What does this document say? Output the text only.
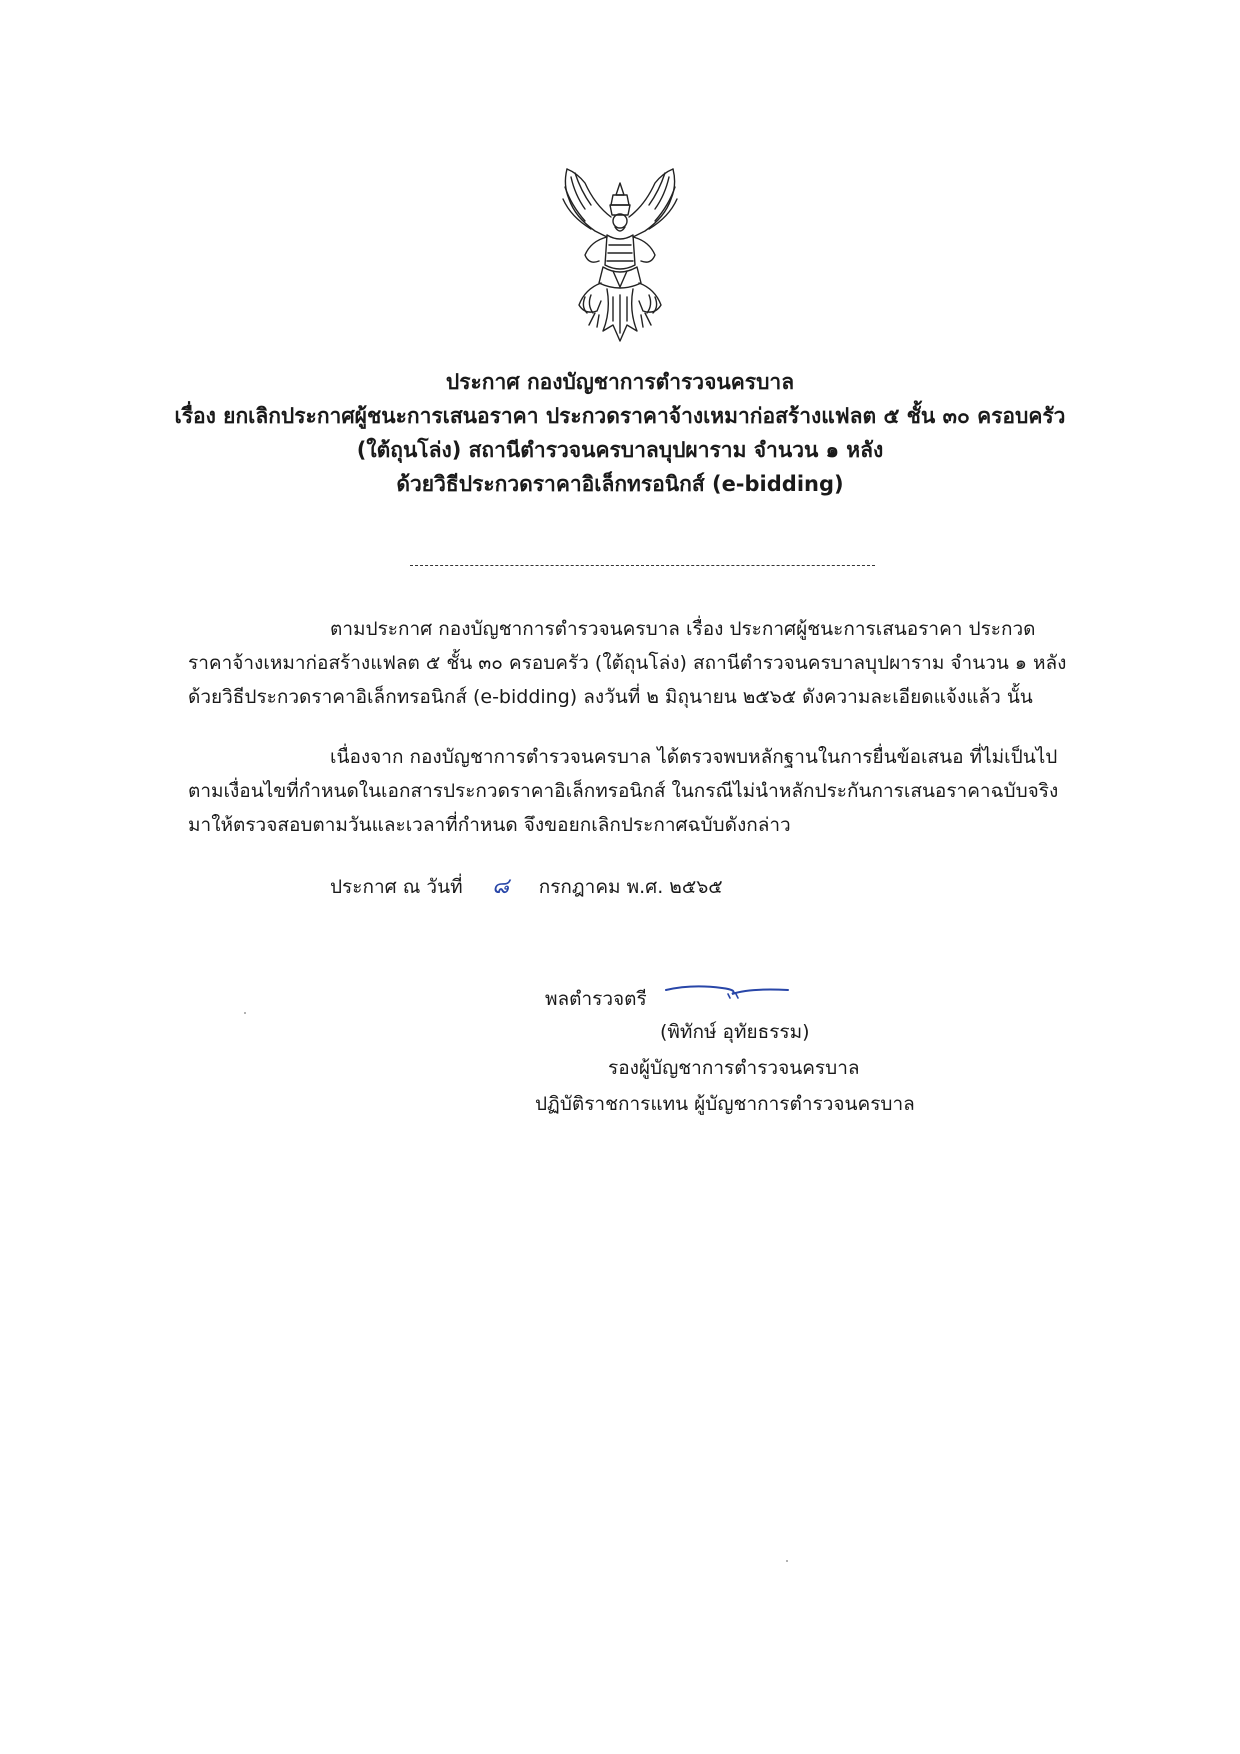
ประกาศ กองบัญชาการตำรวจนครบาล
เรื่อง ยกเลิกประกาศผู้ชนะการเสนอราคา ประกวดราคาจ้างเหมาก่อสร้างแฟลต ๕ ชั้น ๓๐ ครอบครัว
(ใต้ถุนโล่ง) สถานีตำรวจนครบาลบุปผาราม จำนวน ๑ หลัง
ด้วยวิธีประกวดราคาอิเล็กทรอนิกส์ (e-bidding)
ตามประกาศ กองบัญชาการตำรวจนครบาล เรื่อง ประกาศผู้ชนะการเสนอราคา ประกวด
ราคาจ้างเหมาก่อสร้างแฟลต ๕ ชั้น ๓๐ ครอบครัว (ใต้ถุนโล่ง) สถานีตำรวจนครบาลบุปผาราม จำนวน ๑ หลัง
ด้วยวิธีประกวดราคาอิเล็กทรอนิกส์ (e-bidding) ลงวันที่ ๒ มิถุนายน ๒๕๖๕ ดังความละเอียดแจ้งแล้ว นั้น
เนื่องจาก กองบัญชาการตำรวจนครบาล ได้ตรวจพบหลักฐานในการยื่นข้อเสนอ ที่ไม่เป็นไป
ตามเงื่อนไขที่กำหนดในเอกสารประกวดราคาอิเล็กทรอนิกส์ ในกรณีไม่นำหลักประกันการเสนอราคาฉบับจริง
มาให้ตรวจสอบตามวันและเวลาที่กำหนด จึงขอยกเลิกประกาศฉบับดังกล่าว
ประกาศ ณ วันที่ ๘ กรกฎาคม พ.ศ. ๒๕๖๕
พลตำรวจตรี
(พิทักษ์ อุทัยธรรม)
รองผู้บัญชาการตำรวจนครบาล
ปฏิบัติราชการแทน ผู้บัญชาการตำรวจนครบาล
